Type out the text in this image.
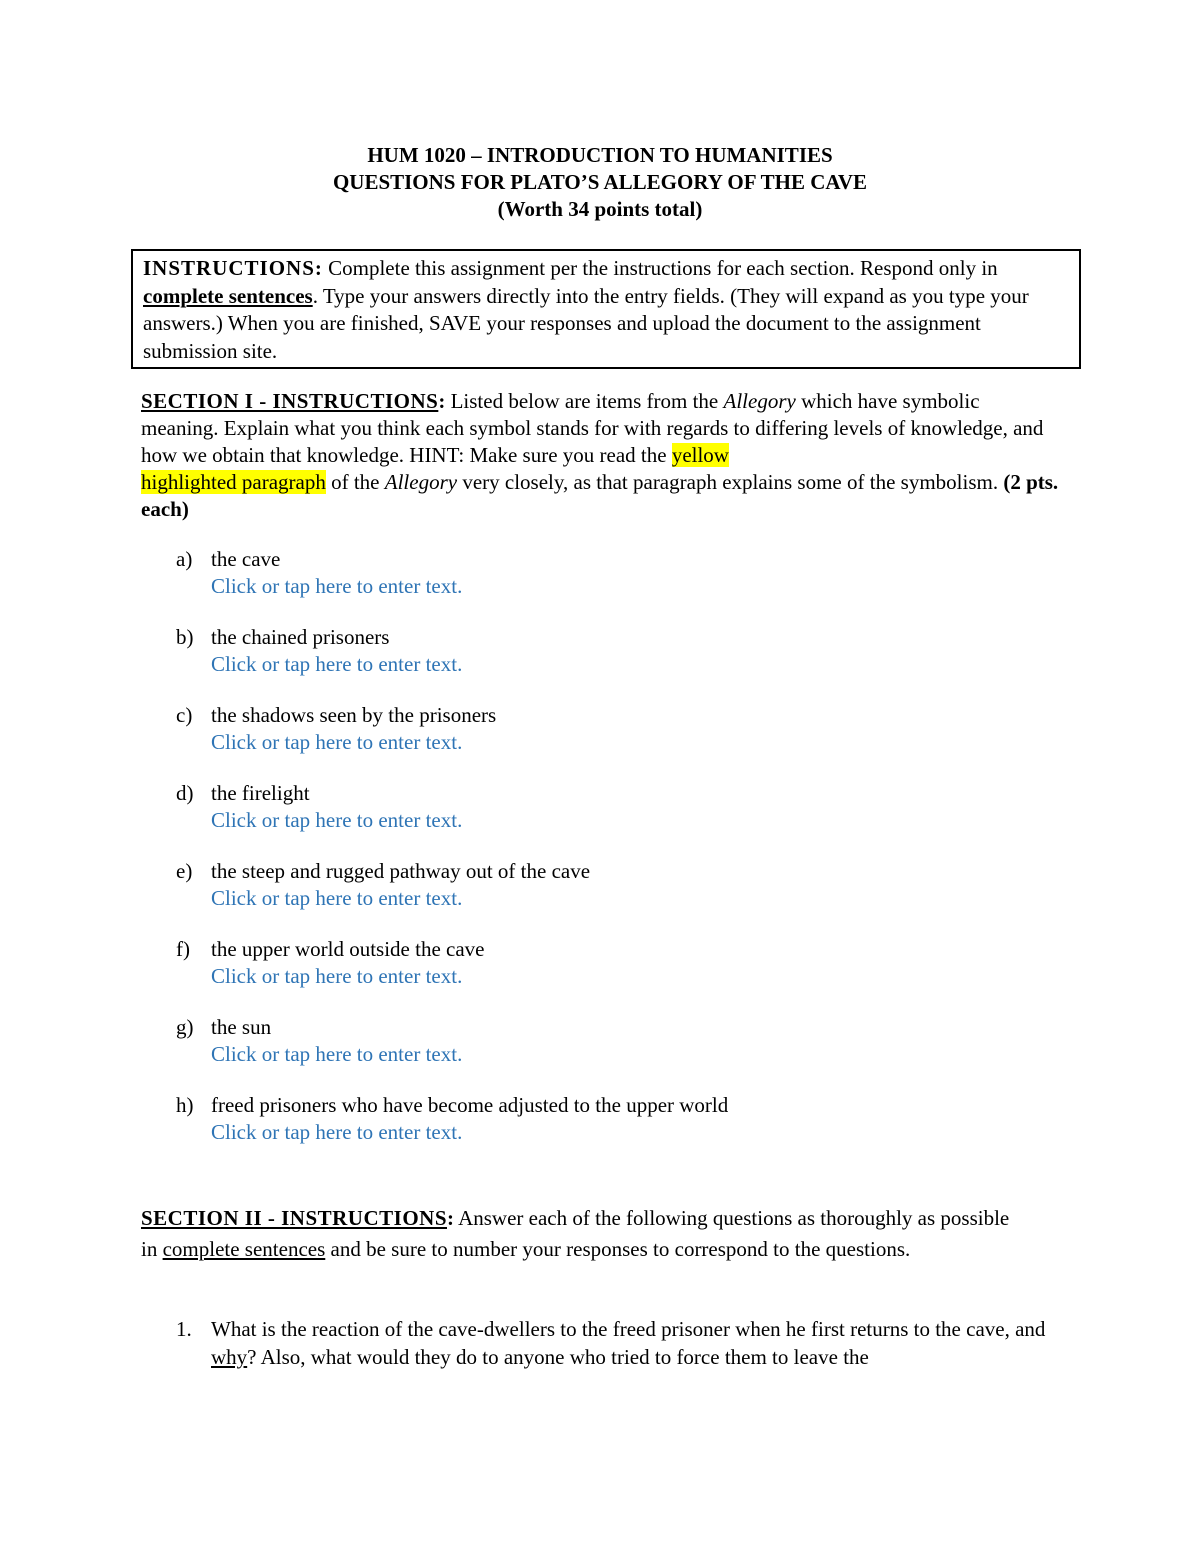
HUM 1020 – INTRODUCTION TO HUMANITIES
QUESTIONS FOR PLATO’S ALLEGORY OF THE CAVE
(Worth 34 points total)
INSTRUCTIONS: Complete this assignment per the instructions for each section. Respond only in complete sentences. Type your answers directly into the entry fields. (They will expand as you type your answers.) When you are finished, SAVE your responses and upload the document to the assignment submission site.
SECTION I - INSTRUCTIONS: Listed below are items from the Allegory which have symbolic meaning. Explain what you think each symbol stands for with regards to differing levels of knowledge, and how we obtain that knowledge. HINT: Make sure you read the yellow
highlighted paragraph of the Allegory very closely, as that paragraph explains some of the symbolism. (2 pts. each)
a) the cave
Click or tap here to enter text.
b) the chained prisoners
Click or tap here to enter text.
c) the shadows seen by the prisoners
Click or tap here to enter text.
d) the firelight
Click or tap here to enter text.
e) the steep and rugged pathway out of the cave
Click or tap here to enter text.
f)	the upper world outside the cave
Click or tap here to enter text.
g) the sun
Click or tap here to enter text.
h) freed prisoners who have become adjusted to the upper world
Click or tap here to enter text.
SECTION II - INSTRUCTIONS: Answer each of the following questions as thoroughly as possible in complete sentences and be sure to number your responses to correspond to the questions.
1. What is the reaction of the cave-dwellers to the freed prisoner when he first returns to the cave, and why? Also, what would they do to anyone who tried to force them to leave the
